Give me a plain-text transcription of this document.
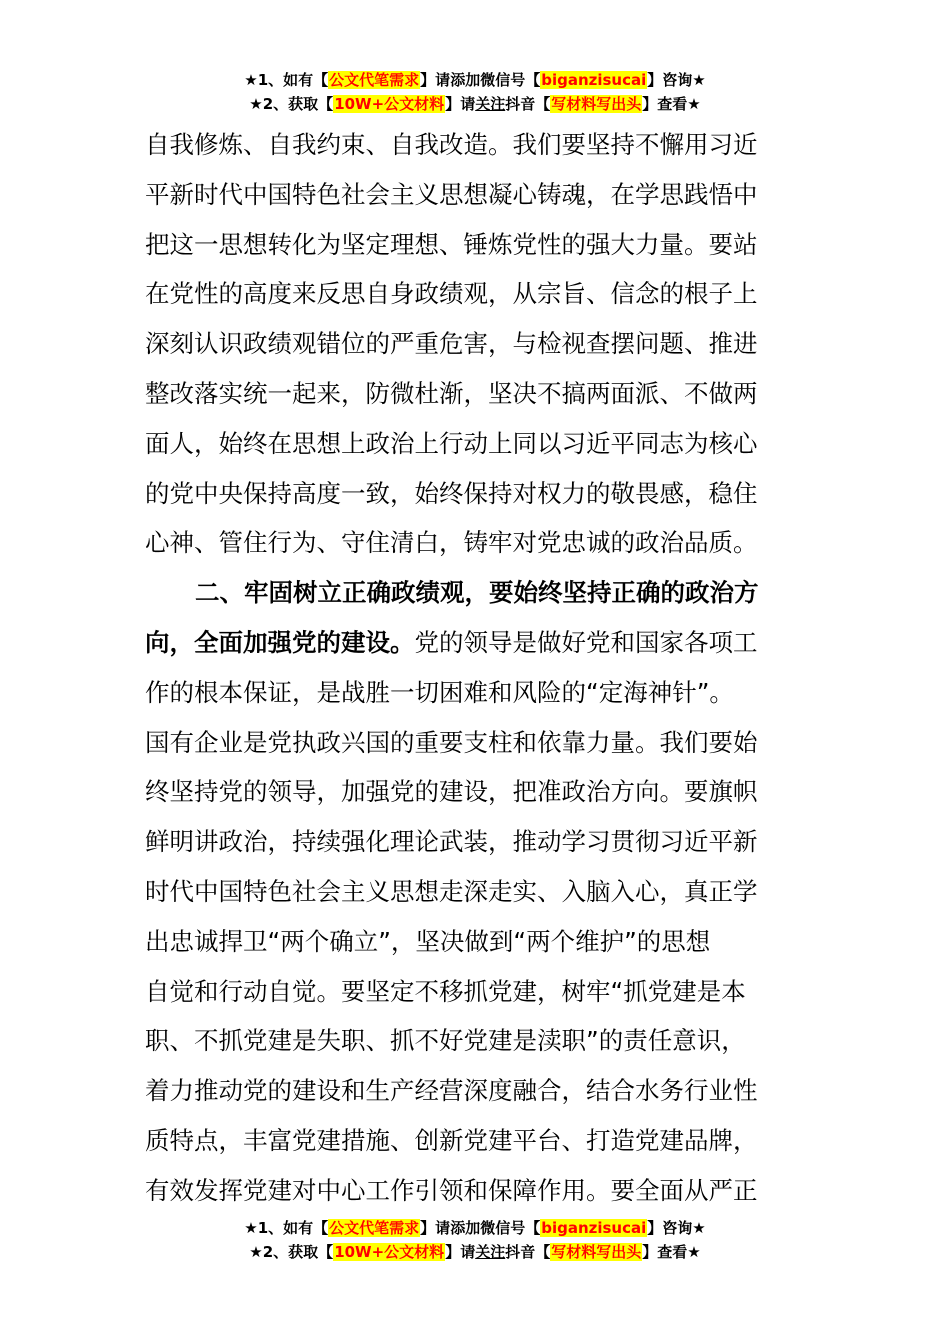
★1、如有【公文代笔需求】请添加微信号【biganzisucai】咨询★
★2、获取【10W+公文材料】请关注抖音【写材料写出头】查看★
自我修炼、自我约束、自我改造。我们要坚持不懈用习近
平新时代中国特色社会主义思想凝心铸魂，在学思践悟中
把这一思想转化为坚定理想、锤炼党性的强大力量。要站
在党性的高度来反思自身政绩观，从宗旨、信念的根子上
深刻认识政绩观错位的严重危害，与检视查摆问题、推进
整改落实统一起来，防微杜渐，坚决不搞两面派、不做两
面人，始终在思想上政治上行动上同以习近平同志为核心
的党中央保持高度一致，始终保持对权力的敬畏感，稳住
心神、管住行为、守住清白，铸牢对党忠诚的政治品质。
二、牢固树立正确政绩观，要始终坚持正确的政治方
向，全面加强党的建设。党的领导是做好党和国家各项工
作的根本保证，是战胜一切困难和风险的“定海神针”。
国有企业是党执政兴国的重要支柱和依靠力量。我们要始
终坚持党的领导，加强党的建设，把准政治方向。要旗帜
鲜明讲政治，持续强化理论武装，推动学习贯彻习近平新
时代中国特色社会主义思想走深走实、入脑入心，真正学
出忠诚捍卫“两个确立”，坚决做到“两个维护”的思想
自觉和行动自觉。要坚定不移抓党建，树牢“抓党建是本
职、不抓党建是失职、抓不好党建是渎职”的责任意识，
着力推动党的建设和生产经营深度融合，结合水务行业性
质特点，丰富党建措施、创新党建平台、打造党建品牌，
有效发挥党建对中心工作引领和保障作用。要全面从严正
★1、如有【公文代笔需求】请添加微信号【biganzisucai】咨询★
★2、获取【10W+公文材料】请关注抖音【写材料写出头】查看★
